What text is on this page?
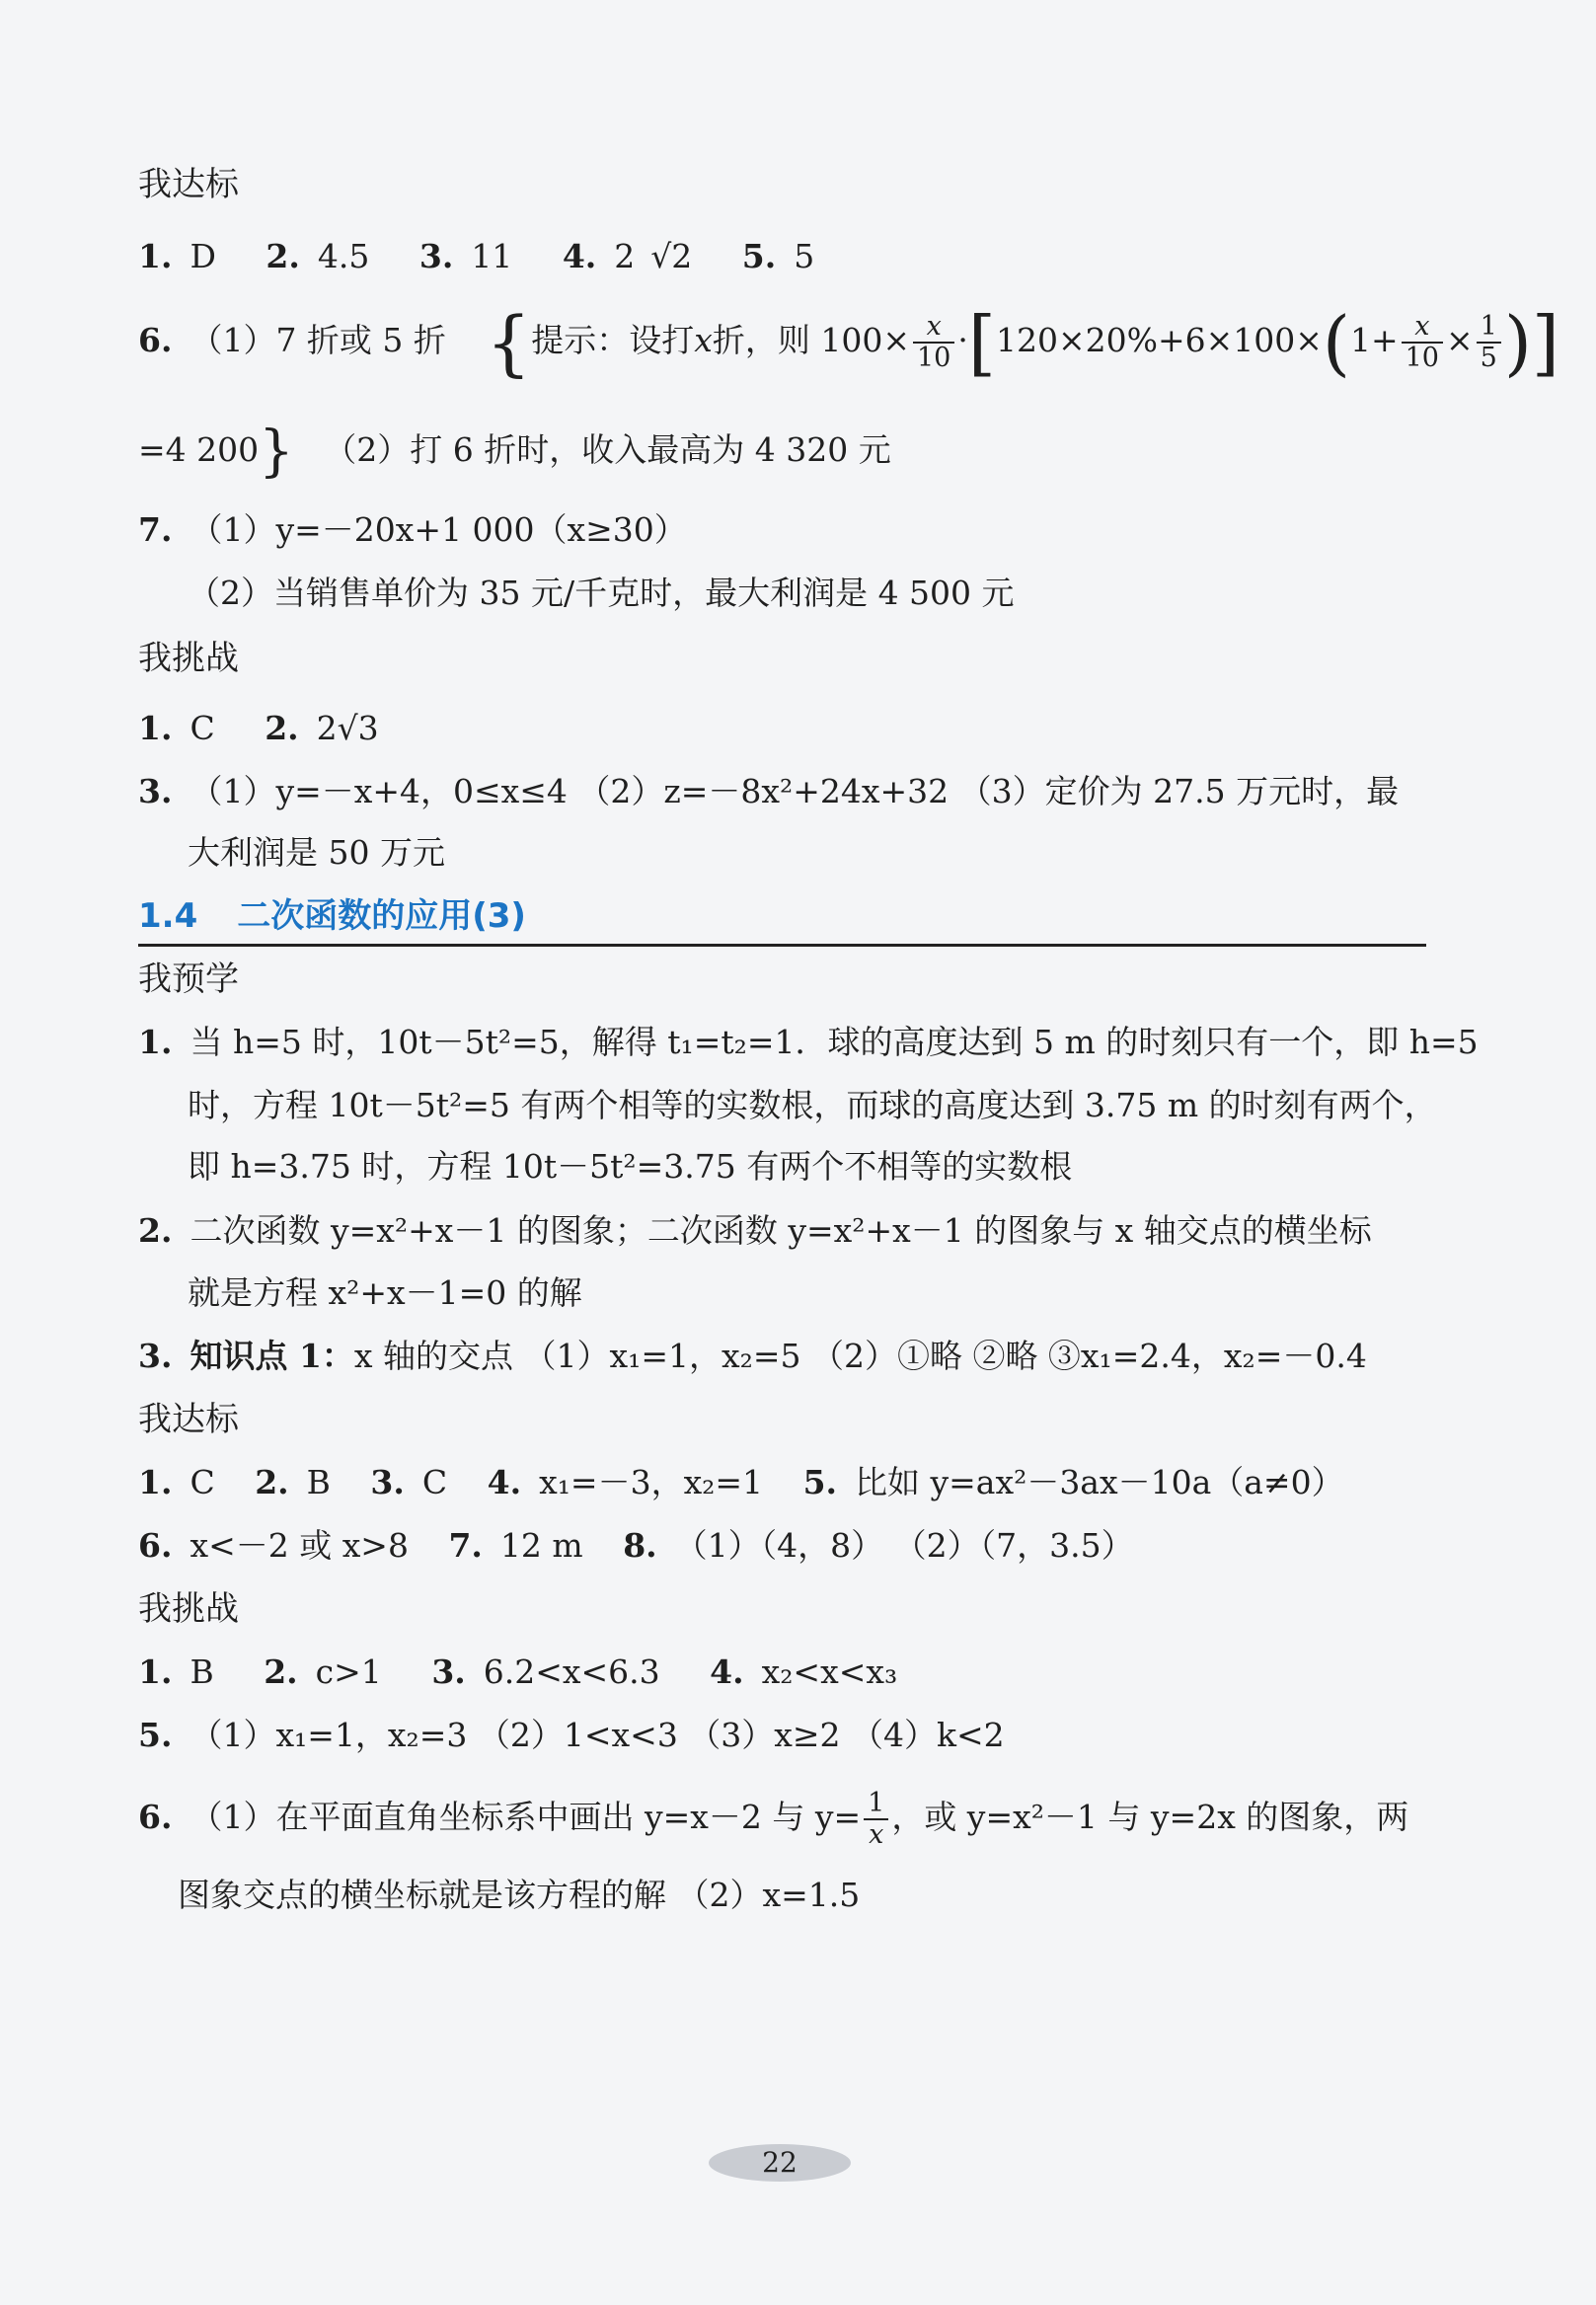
我达标
1. D 2. 4.5 3. 11 4. 2 √2 5. 5
6. （1）7 折或 5 折 {提示：设打x折，则 $100\times \frac{x}{10} \cdot[120\times 20\%+6\times 100\times(1+ \frac{x}{10} \times \frac{1}{5}$ )]
=4 200} （2）打 6 折时，收入最高为 4 320 元
7. （1）y=－20x+1 000（x≥30）
（2）当销售单价为 35 元/千克时，最大利润是 4 500 元
我挑战
1. C 2. 2√3
3. （1）y=－x+4，0≤x≤4 （2）z=－8x²+24x+32 （3）定价为 27.5 万元时，最
大利润是 50 万元
1.4 二次函数的应用(3)
我预学
1. 当 h=5 时，10t－5t²=5，解得 t₁=t₂=1．球的高度达到 5 m 的时刻只有一个，即 h=5
时，方程 10t－5t²=5 有两个相等的实数根，而球的高度达到 3.75 m 的时刻有两个，
即 h=3.75 时，方程 10t－5t²=3.75 有两个不相等的实数根
2. 二次函数 y=x²+x－1 的图象；二次函数 y=x²+x－1 的图象与 x 轴交点的横坐标
就是方程 x²+x－1=0 的解
3. 知识点 1：x 轴的交点 （1）x₁=1，x₂=5 （2）①略 ②略 ③x₁=2.4，x₂=－0.4
我达标
1. C 2. B 3. C 4. x₁=－3，x₂=1 5. 比如 y=ax²－3ax－10a（a≠0）
6. x<－2 或 x>8 7. 12 m 8. （1）（4，8） （2）（7，3.5）
我挑战
1. B 2. c>1 3. 6.2<x<6.3 4. x₂<x<x₃
5. （1）x₁=1，x₂=3 （2）1<x<3 （3）x≥2 （4）k<2
6. （1）在平面直角坐标系中画出 y=x－2 与 $y= \frac{1}{x}$ ，或 y=x²－1 与 y=2x 的图象，两
图象交点的横坐标就是该方程的解 （2）x=1.5
22
